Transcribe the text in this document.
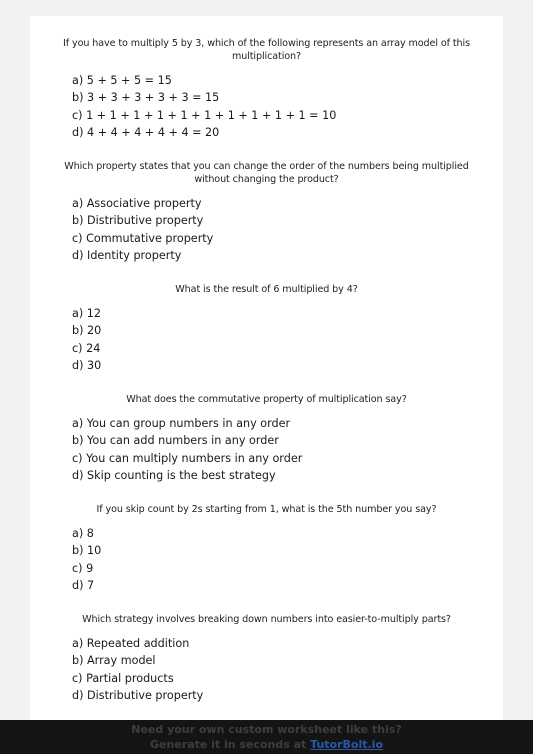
If you have to multiply 5 by 3, which of the following represents an array model of this multiplication?
a) 5 + 5 + 5 = 15
b) 3 + 3 + 3 + 3 + 3 = 15
c) 1 + 1 + 1 + 1 + 1 + 1 + 1 + 1 + 1 + 1 = 10
d) 4 + 4 + 4 + 4 + 4 = 20
Which property states that you can change the order of the numbers being multiplied without changing the product?
a) Associative property
b) Distributive property
c) Commutative property
d) Identity property
What is the result of 6 multiplied by 4?
a) 12
b) 20
c) 24
d) 30
What does the commutative property of multiplication say?
a) You can group numbers in any order
b) You can add numbers in any order
c) You can multiply numbers in any order
d) Skip counting is the best strategy
If you skip count by 2s starting from 1, what is the 5th number you say?
a) 8
b) 10
c) 9
d) 7
Which strategy involves breaking down numbers into easier-to-multiply parts?
a) Repeated addition
b) Array model
c) Partial products
d) Distributive property
Need your own custom worksheet like this?
Generate it in seconds at TutorBolt.io
